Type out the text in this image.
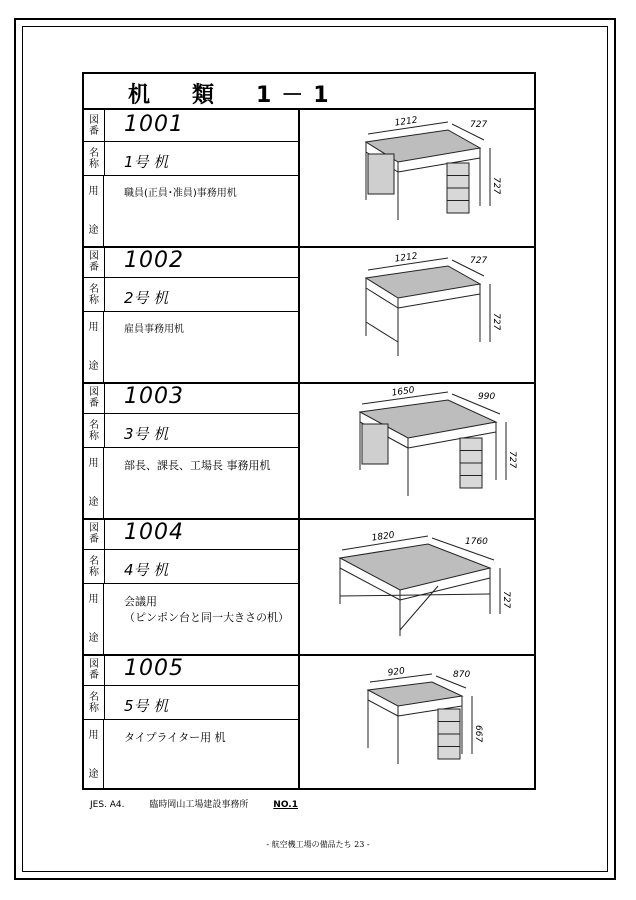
机　類　1－1
図
番 1001
名
称 1号 机
用
途
職員(正員･准員)事務用机
1212	727
727
図
番 1002
名
称 2号 机
用
途
雇員事務用机
1212	727
727
図
番 1003
名
称 3号 机
用
途
部長、課長、工場長 事務用机
1650	990
727
図
番 1004
名
称 4号 机
用
途
会議用
（ピンポン台と同一大きさの机）
1820	1760
727
図
番 1005
名
称 5号 机
用
途
タイプライター用 机
920	870
667
JES. A4.	臨時岡山工場建設事務所	NO.1
- 航空機工場の備品たち 23 -
